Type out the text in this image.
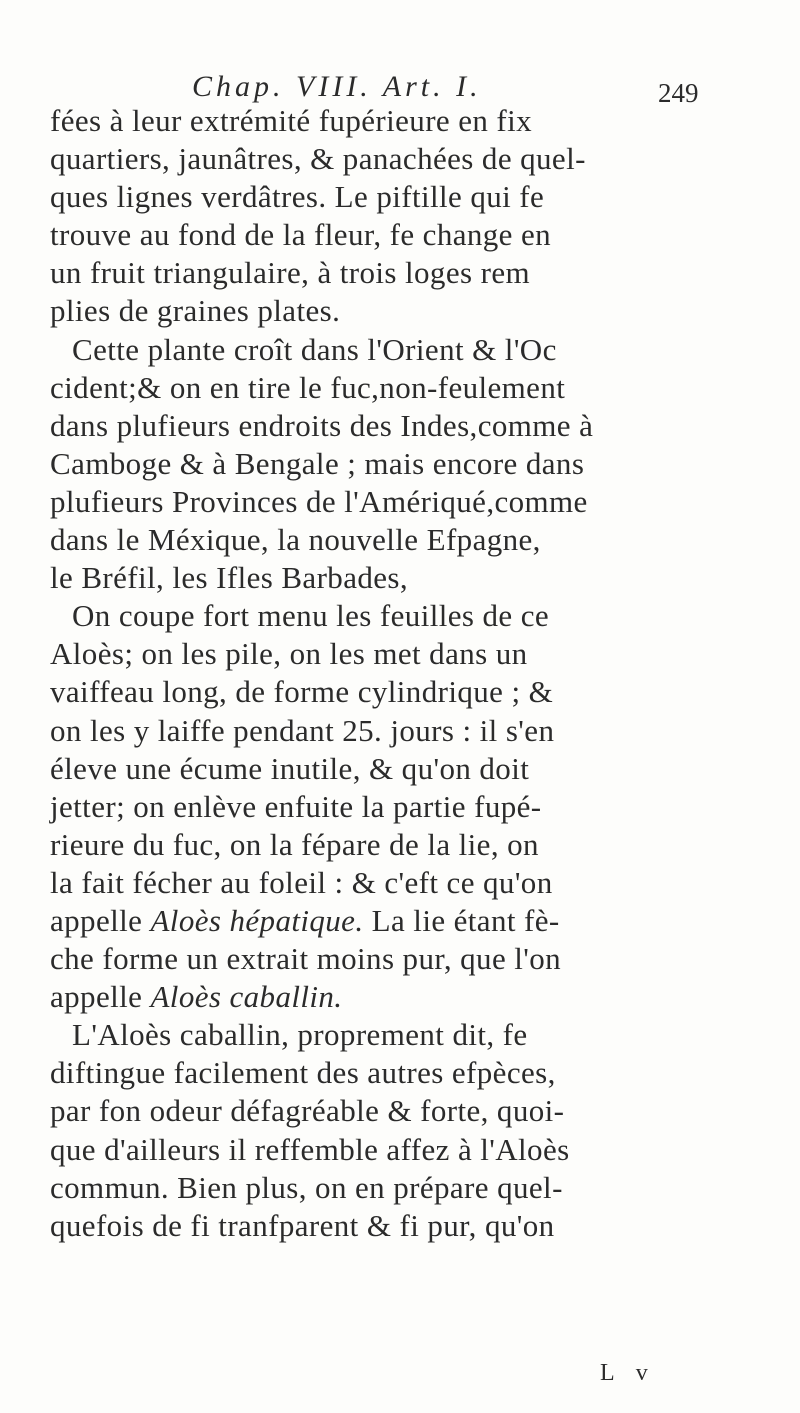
Chap. VIII. Art. I.	249
fées à leur extrémité fupérieure en fix
quartiers, jaunâtres, & panachées de quel-
ques lignes verdâtres. Le piftille qui fe
trouve au fond de la fleur, fe change en
un fruit triangulaire, à trois loges rem
plies de graines plates.
Cette plante croît dans l'Orient & l'Oc
cident;& on en tire le fuc,non-feulement
dans plufieurs endroits des Indes,comme à
Camboge & à Bengale ; mais encore dans
plufieurs Provinces de l'Amériqué,comme
dans le Méxique, la nouvelle Efpagne,
le Bréfil, les Ifles Barbades,
On coupe fort menu les feuilles de ce
Aloès; on les pile, on les met dans un
vaiffeau long, de forme cylindrique ; &
on les y laiffe pendant 25. jours : il s'en
éleve une écume inutile, & qu'on doit
jetter; on enlève enfuite la partie fupé-
rieure du fuc, on la fépare de la lie, on
la fait fécher au foleil : & c'eft ce qu'on
appelle Aloès hépatique. La lie étant fè-
che forme un extrait moins pur, que l'on
appelle Aloès caballin.
L'Aloès caballin, proprement dit, fe
diftingue facilement des autres efpèces,
par fon odeur défagréable & forte, quoi-
que d'ailleurs il reffemble affez à l'Aloès
commun. Bien plus, on en prépare quel-
quefois de fi tranfparent & fi pur, qu'on
L v
